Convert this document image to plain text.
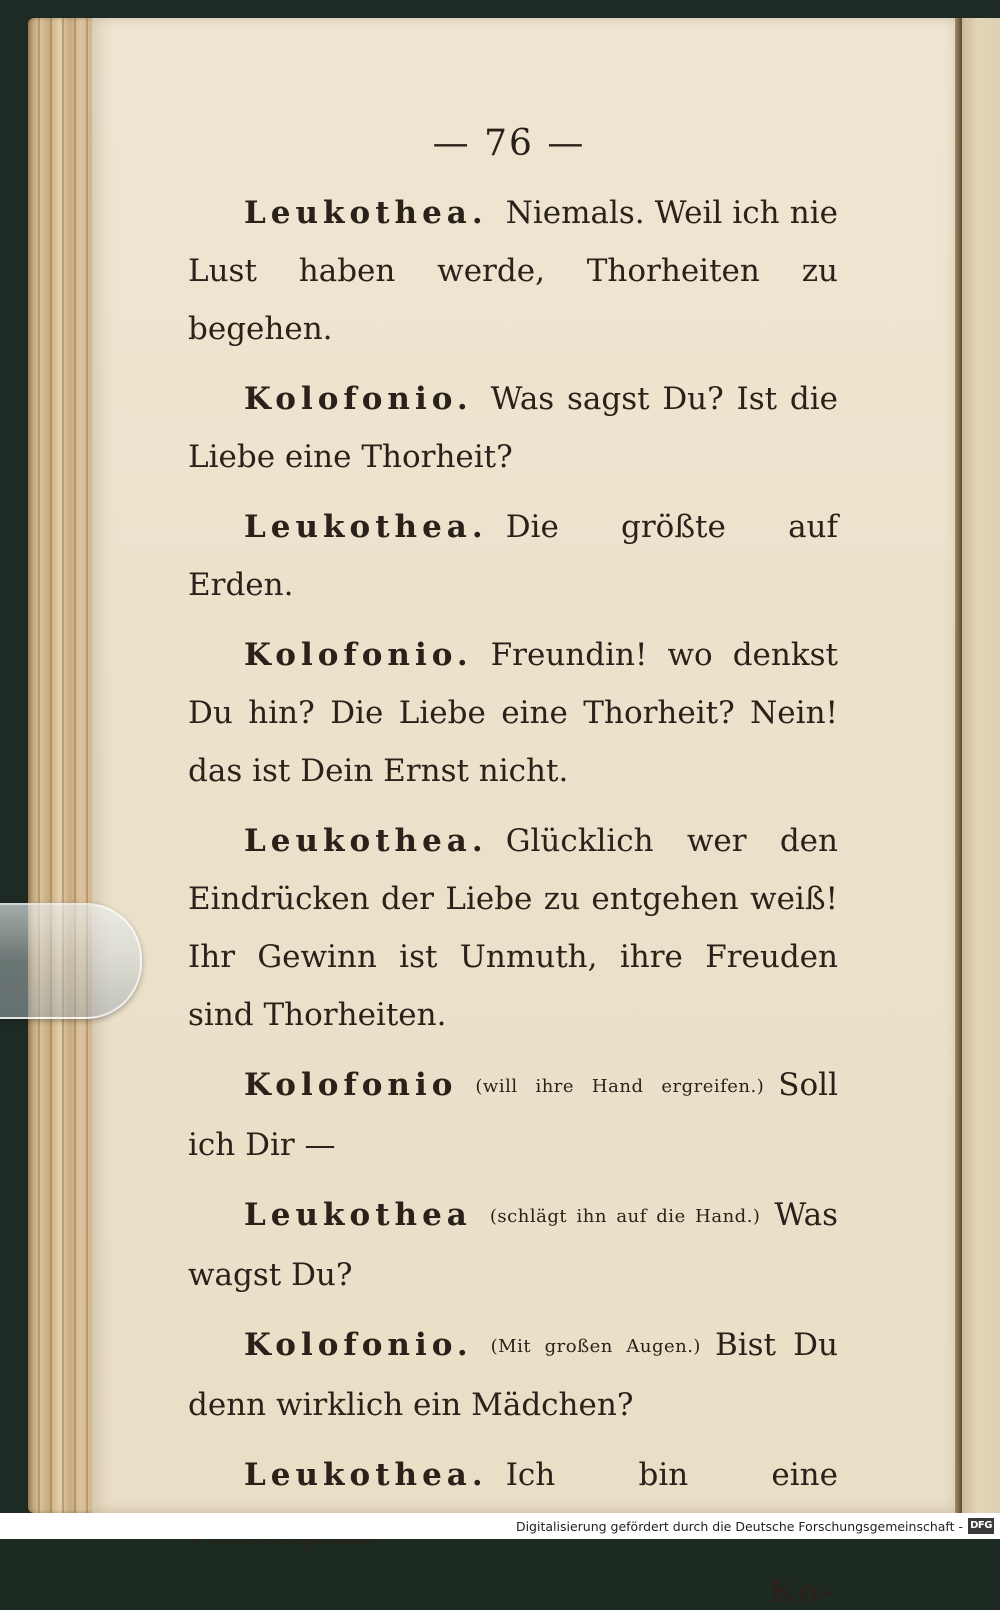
— 76 —

Leukothea. Niemals. Weil ich nie Lust haben werde, Thorheiten zu begehen.

Kolofonio. Was sagst Du? Ist die Liebe eine Thorheit?

Leukothea. Die größte auf Erden.

Kolofonio. Freundin! wo denkst Du hin? Die Liebe eine Thorheit? Nein! das ist Dein Ernst nicht.

Leukothea. Glücklich wer den Eindrücken der Liebe zu entgehen weiß! Ihr Gewinn ist Unmuth, ihre Freuden sind Thorheiten.

Kolofonio (will ihre Hand ergreifen.) Soll ich Dir —

Leukothea (schlägt ihn auf die Hand.) Was wagst Du?

Kolofonio. (Mit großen Augen.) Bist Du denn wirklich ein Mädchen?

Leukothea. Ich bin eine

Ko-
Digitalisierung gefördert durch die Deutsche Forschungsgemeinschaft - DFG
